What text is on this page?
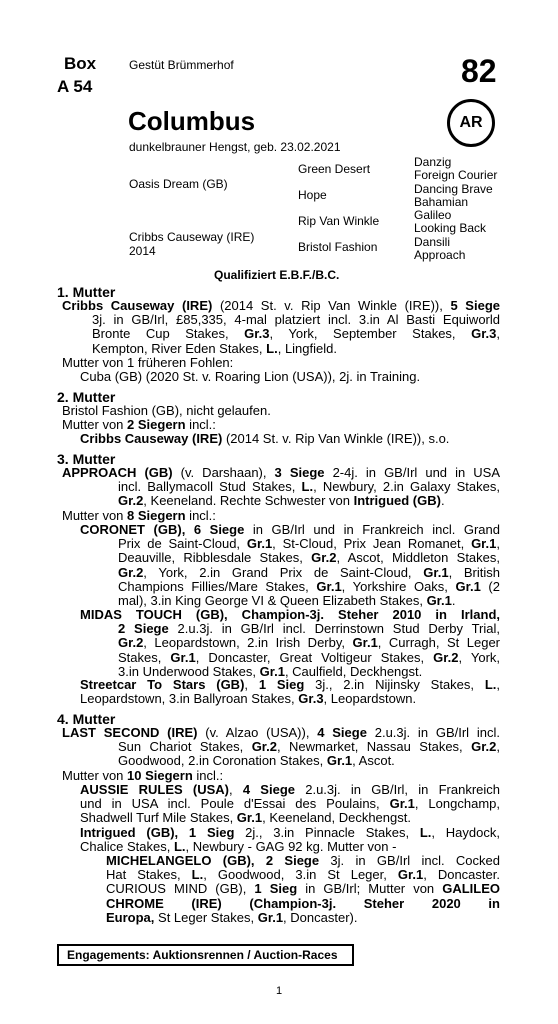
Box
A 54
Gestüt Brümmerhof	82
Columbus	AR
dunkelbrauner Hengst, geb. 23.02.2021
Oasis Dream (GB)
Cribbs Causeway (IRE)
2014
Green Desert
Hope
Rip Van Winkle
Bristol Fashion
Danzig
Foreign Courier
Dancing Brave
Bahamian
Galileo
Looking Back
Dansili
Approach
Qualifiziert E.B.F./B.C.
1. Mutter
Cribbs Causeway (IRE) (2014 St. v. Rip Van Winkle (IRE)), 5 Siege
3j. in GB/Irl, £85,335, 4-mal platziert incl. 3.in Al Basti Equiworld
Bronte Cup Stakes, Gr.3, York, September Stakes, Gr.3,
Kempton, River Eden Stakes, L., Lingfield.
Mutter von 1 früheren Fohlen:
Cuba (GB) (2020 St. v. Roaring Lion (USA)), 2j. in Training.
2. Mutter
Bristol Fashion (GB), nicht gelaufen.
Mutter von 2 Siegern incl.:
Cribbs Causeway (IRE) (2014 St. v. Rip Van Winkle (IRE)), s.o.
3. Mutter
APPROACH (GB) (v. Darshaan), 3 Siege 2-4j. in GB/Irl und in USA
incl. Ballymacoll Stud Stakes, L., Newbury, 2.in Galaxy Stakes,
Gr.2, Keeneland. Rechte Schwester von Intrigued (GB).
Mutter von 8 Siegern incl.:
CORONET (GB), 6 Siege in GB/Irl und in Frankreich incl. Grand
Prix de Saint-Cloud, Gr.1, St-Cloud, Prix Jean Romanet, Gr.1,
Deauville, Ribblesdale Stakes, Gr.2, Ascot, Middleton Stakes,
Gr.2, York, 2.in Grand Prix de Saint-Cloud, Gr.1, British
Champions Fillies/Mare Stakes, Gr.1, Yorkshire Oaks, Gr.1 (2
mal), 3.in King George VI & Queen Elizabeth Stakes, Gr.1.
MIDAS TOUCH (GB), Champion-3j. Steher 2010 in Irland,
2 Siege 2.u.3j. in GB/Irl incl. Derrinstown Stud Derby Trial,
Gr.2, Leopardstown, 2.in Irish Derby, Gr.1, Curragh, St Leger
Stakes, Gr.1, Doncaster, Great Voltigeur Stakes, Gr.2, York,
3.in Underwood Stakes, Gr.1, Caulfield, Deckhengst.
Streetcar To Stars (GB), 1 Sieg 3j., 2.in Nijinsky Stakes, L.,
Leopardstown, 3.in Ballyroan Stakes, Gr.3, Leopardstown.
4. Mutter
LAST SECOND (IRE) (v. Alzao (USA)), 4 Siege 2.u.3j. in GB/Irl incl.
Sun Chariot Stakes, Gr.2, Newmarket, Nassau Stakes, Gr.2,
Goodwood, 2.in Coronation Stakes, Gr.1, Ascot.
Mutter von 10 Siegern incl.:
AUSSIE RULES (USA), 4 Siege 2.u.3j. in GB/Irl, in Frankreich
und in USA incl. Poule d'Essai des Poulains, Gr.1, Longchamp,
Shadwell Turf Mile Stakes, Gr.1, Keeneland, Deckhengst.
Intrigued (GB), 1 Sieg 2j., 3.in Pinnacle Stakes, L., Haydock,
Chalice Stakes, L., Newbury - GAG 92 kg. Mutter von -
MICHELANGELO (GB), 2 Siege 3j. in GB/Irl incl. Cocked
Hat Stakes, L., Goodwood, 3.in St Leger, Gr.1, Doncaster.
CURIOUS MIND (GB), 1 Sieg in GB/Irl; Mutter von GALILEO
CHROME (IRE) (Champion-3j. Steher 2020 in
Europa, St Leger Stakes, Gr.1, Doncaster).
Engagements: Auktionsrennen / Auction-Races
1
